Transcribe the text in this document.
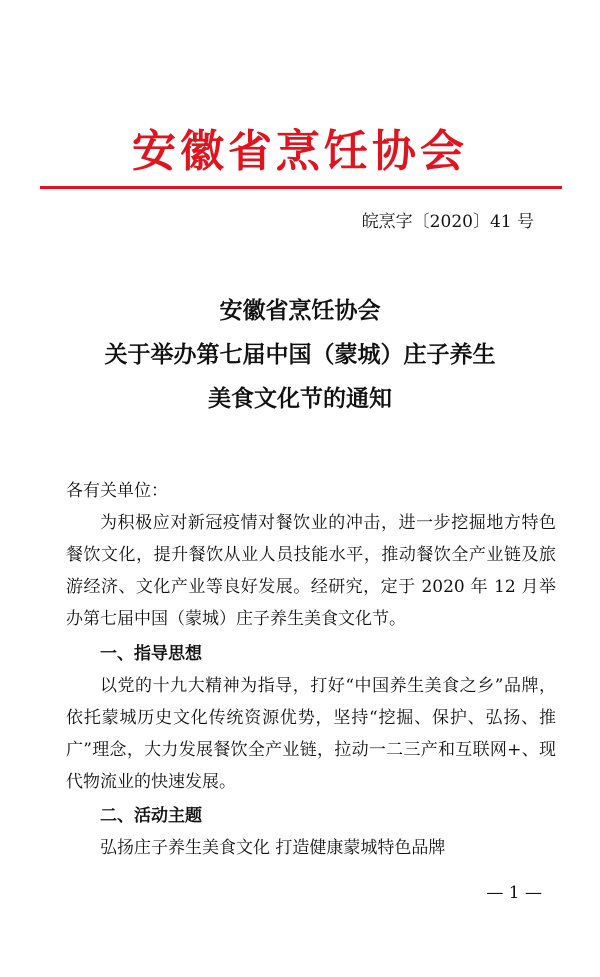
安徽省烹饪协会
皖烹字〔2020〕41 号
安徽省烹饪协会
关于举办第七届中国（蒙城）庄子养生
美食文化节的通知
各有关单位：
为积极应对新冠疫情对餐饮业的冲击，进一步挖掘地方特色餐饮文化，提升餐饮从业人员技能水平，推动餐饮全产业链及旅游经济、文化产业等良好发展。经研究，定于 2020 年 12 月举办第七届中国（蒙城）庄子养生美食文化节。
一、指导思想
以党的十九大精神为指导，打好“中国养生美食之乡”品牌，依托蒙城历史文化传统资源优势，坚持“挖掘、保护、弘扬、推广”理念，大力发展餐饮全产业链，拉动一二三产和互联网+、现代物流业的快速发展。
二、活动主题
弘扬庄子养生美食文化 打造健康蒙城特色品牌
— 1 —
